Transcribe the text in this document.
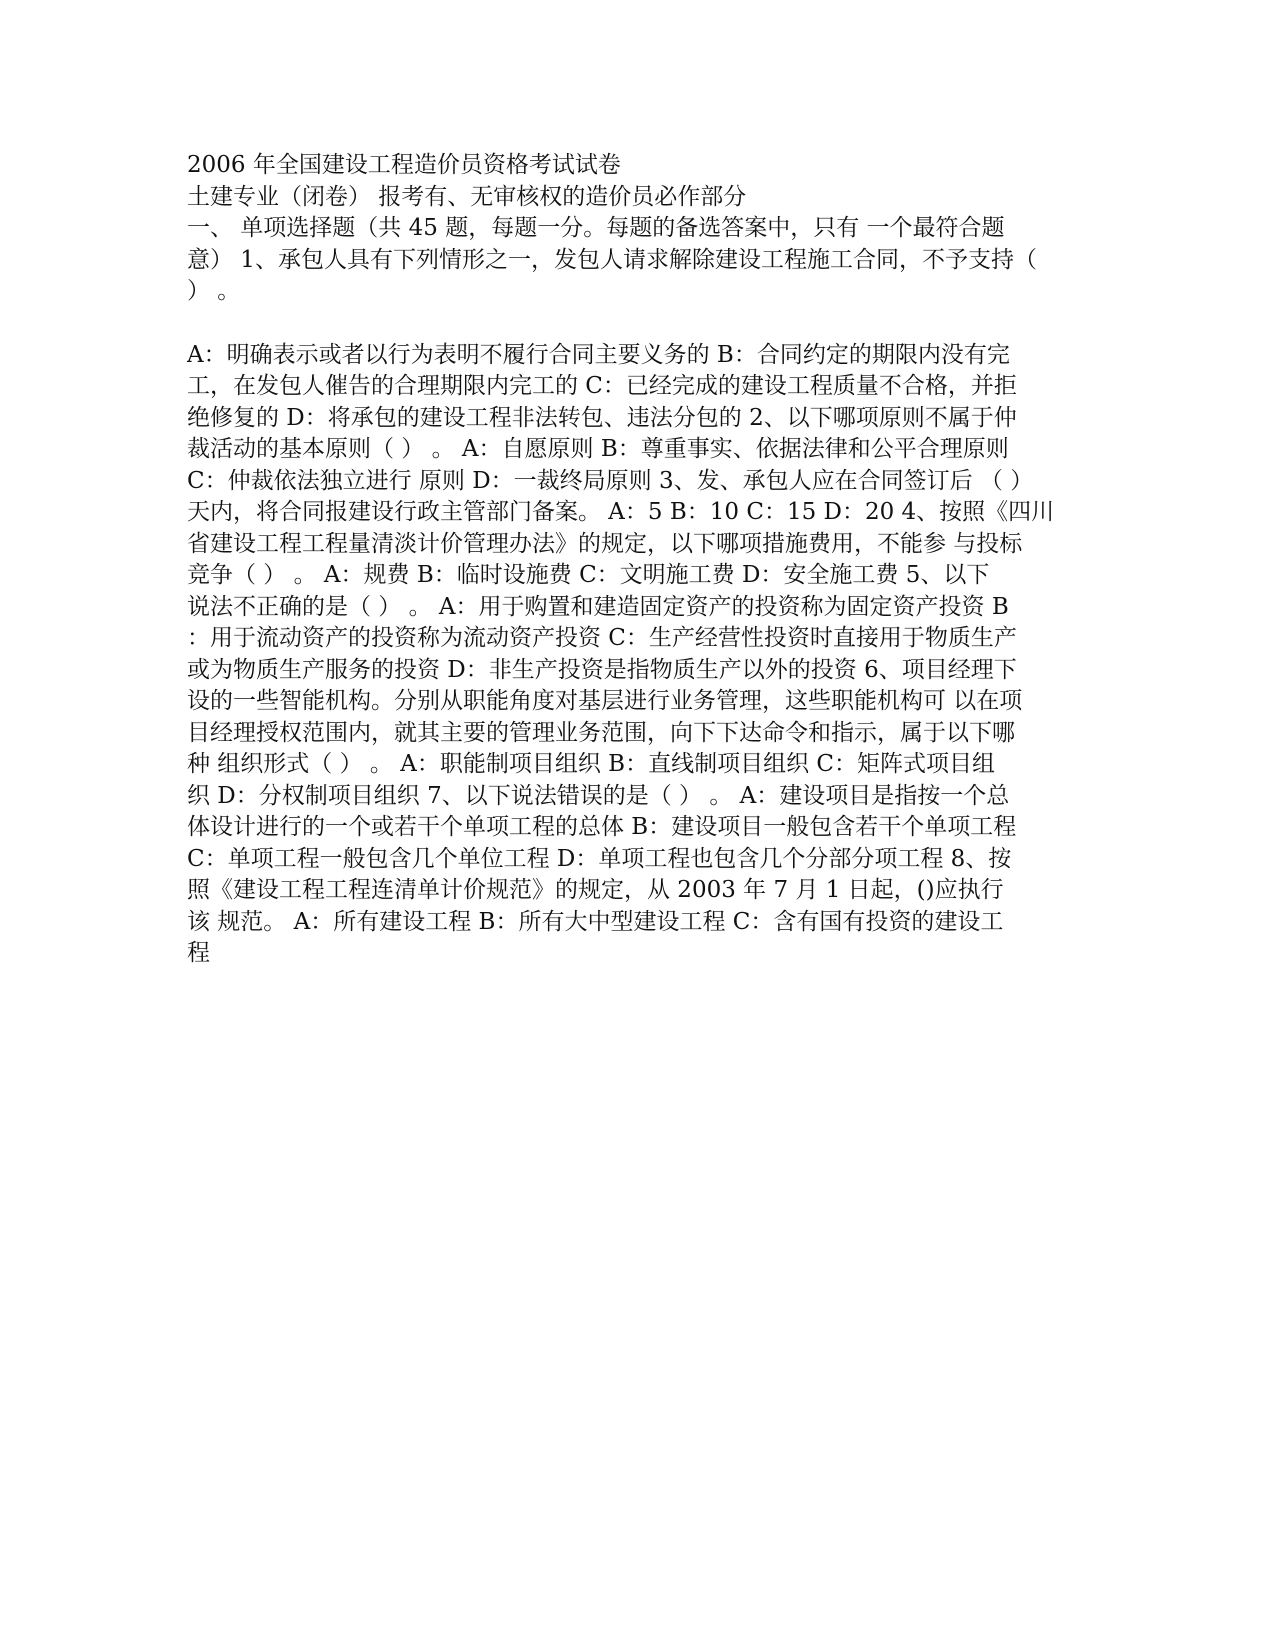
2006 年全国建设工程造价员资格考试试卷
土建专业（闭卷） 报考有、无审核权的造价员必作部分
一、 单项选择题（共 45 题，每题一分。每题的备选答案中，只有 一个最符合题
意） 1、承包人具有下列情形之一，发包人请求解除建设工程施工合同，不予支持（
） 。
A：明确表示或者以行为表明不履行合同主要义务的 B：合同约定的期限内没有完
工，在发包人催告的合理期限内完工的 C：已经完成的建设工程质量不合格，并拒
绝修复的 D：将承包的建设工程非法转包、违法分包的 2、以下哪项原则不属于仲
裁活动的基本原则（ ） 。 A：自愿原则 B：尊重事实、依据法律和公平合理原则
C：仲裁依法独立进行 原则 D：一裁终局原则 3、发、承包人应在合同签订后 （ ）
天内，将合同报建设行政主管部门备案。 A：5 B：10 C：15 D：20 4、按照《四川
省建设工程工程量清淡计价管理办法》的规定，以下哪项措施费用，不能参 与投标
竞争（ ） 。 A：规费 B：临时设施费 C：文明施工费 D：安全施工费 5、以下
说法不正确的是（ ） 。 A：用于购置和建造固定资产的投资称为固定资产投资 B
：用于流动资产的投资称为流动资产投资 C：生产经营性投资时直接用于物质生产
或为物质生产服务的投资 D：非生产投资是指物质生产以外的投资 6、项目经理下
设的一些智能机构。分别从职能角度对基层进行业务管理，这些职能机构可 以在项
目经理授权范围内，就其主要的管理业务范围，向下下达命令和指示，属于以下哪
种 组织形式（ ） 。 A：职能制项目组织 B：直线制项目组织 C：矩阵式项目组
织 D：分权制项目组织 7、以下说法错误的是（ ） 。 A：建设项目是指按一个总
体设计进行的一个或若干个单项工程的总体 B：建设项目一般包含若干个单项工程
C：单项工程一般包含几个单位工程 D：单项工程也包含几个分部分项工程 8、按
照《建设工程工程连清单计价规范》的规定，从 2003 年 7 月 1 日起，()应执行
该 规范。 A：所有建设工程 B：所有大中型建设工程 C：含有国有投资的建设工
程
